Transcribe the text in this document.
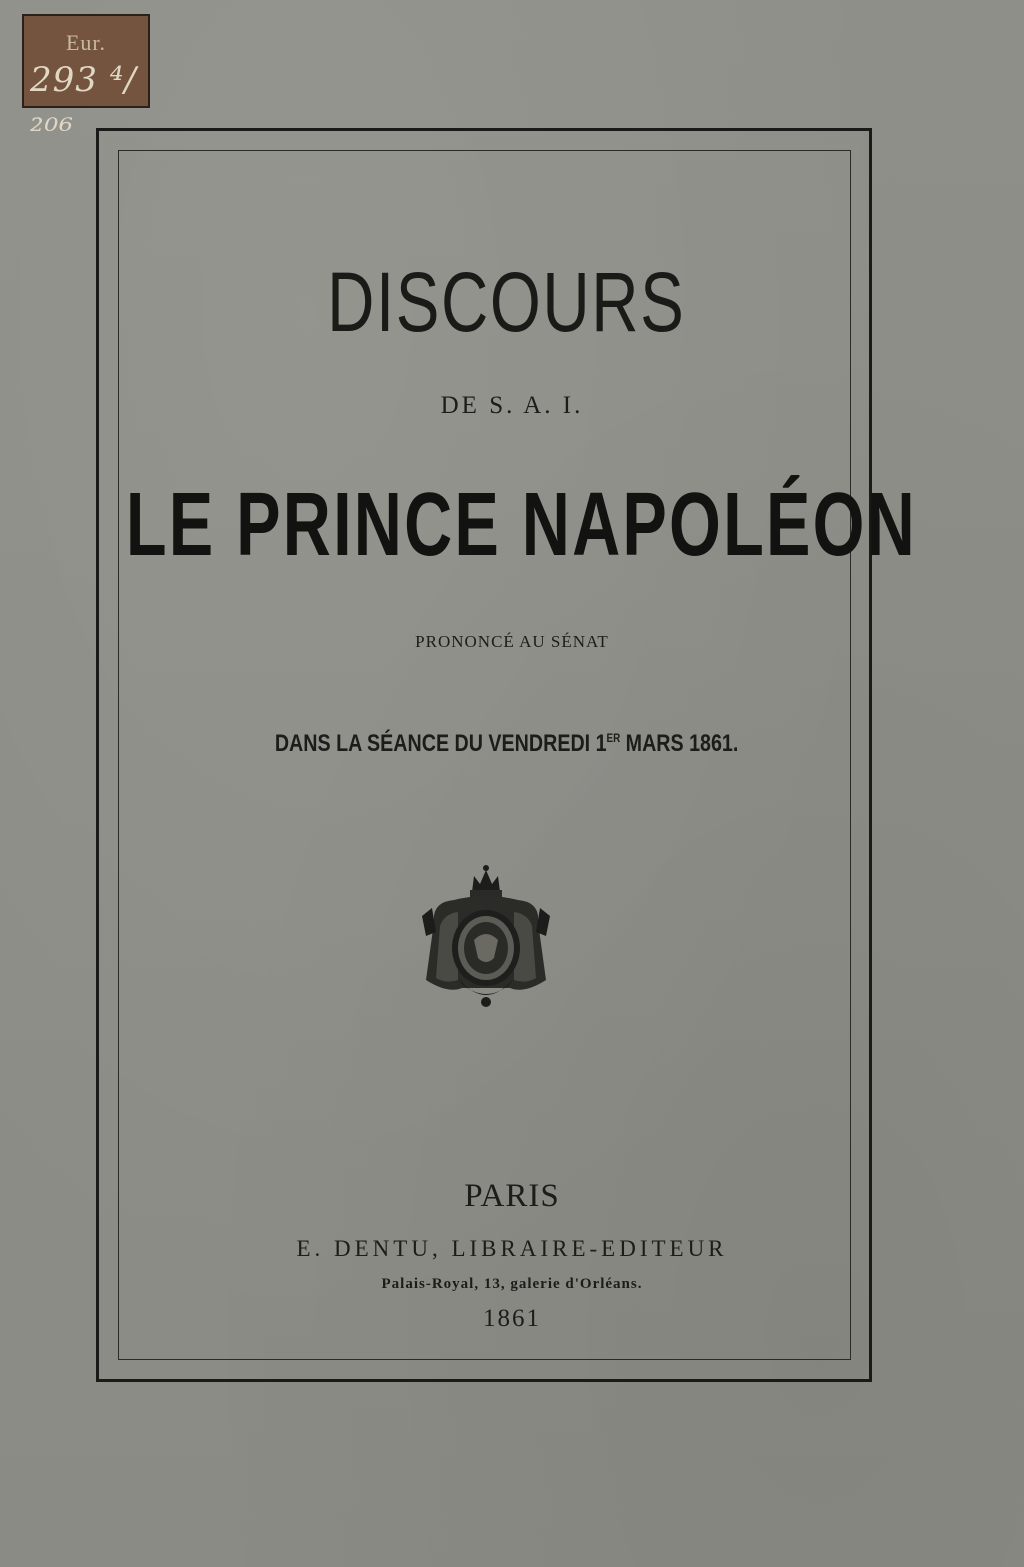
Eur.
293 ⁴/₂₀₆
DISCOURS
DE S. A. I.
LE PRINCE NAPOLÉON
PRONONCÉ AU SÉNAT
DANS LA SÉANCE DU VENDREDI 1ER MARS 1861.
PARIS
E. DENTU, LIBRAIRE-EDITEUR
Palais-Royal, 13, galerie d'Orléans.
1861
